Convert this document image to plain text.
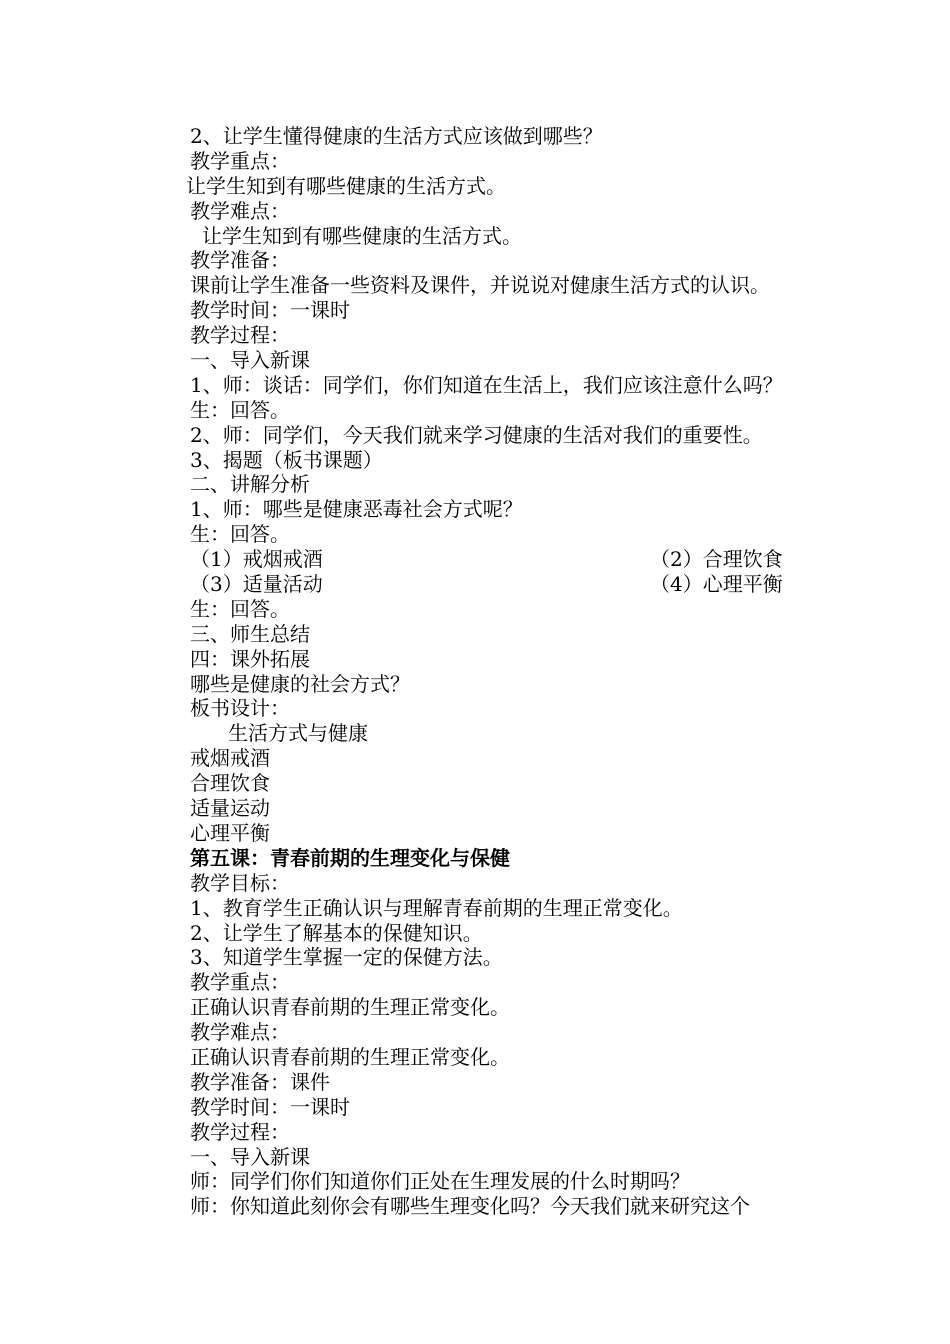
2、让学生懂得健康的生活方式应该做到哪些？
教学重点：
让学生知到有哪些健康的生活方式。
教学难点：
让学生知到有哪些健康的生活方式。
教学准备：
课前让学生准备一些资料及课件，并说说对健康生活方式的认识。
教学时间：一课时
教学过程：
一、导入新课
1、师：谈话：同学们，你们知道在生活上，我们应该注意什么吗？
生：回答。
2、师：同学们，今天我们就来学习健康的生活对我们的重要性。
3、揭题（板书课题）
二、讲解分析
1、师：哪些是健康恶毒社会方式呢？
生：回答。
（1）戒烟戒酒	（2）合理饮食
（3）适量活动	（4）心理平衡
生：回答。
三、师生总结
四：课外拓展
哪些是健康的社会方式？
板书设计：
生活方式与健康
戒烟戒酒
合理饮食
适量运动
心理平衡
第五课：青春前期的生理变化与保健
教学目标：
1、教育学生正确认识与理解青春前期的生理正常变化。
2、让学生了解基本的保健知识。
3、知道学生掌握一定的保健方法。
教学重点：
正确认识青春前期的生理正常变化。
教学难点：
正确认识青春前期的生理正常变化。
教学准备：课件
教学时间：一课时
教学过程：
一、导入新课
师：同学们你们知道你们正处在生理发展的什么时期吗？
师：你知道此刻你会有哪些生理变化吗？今天我们就来研究这个
